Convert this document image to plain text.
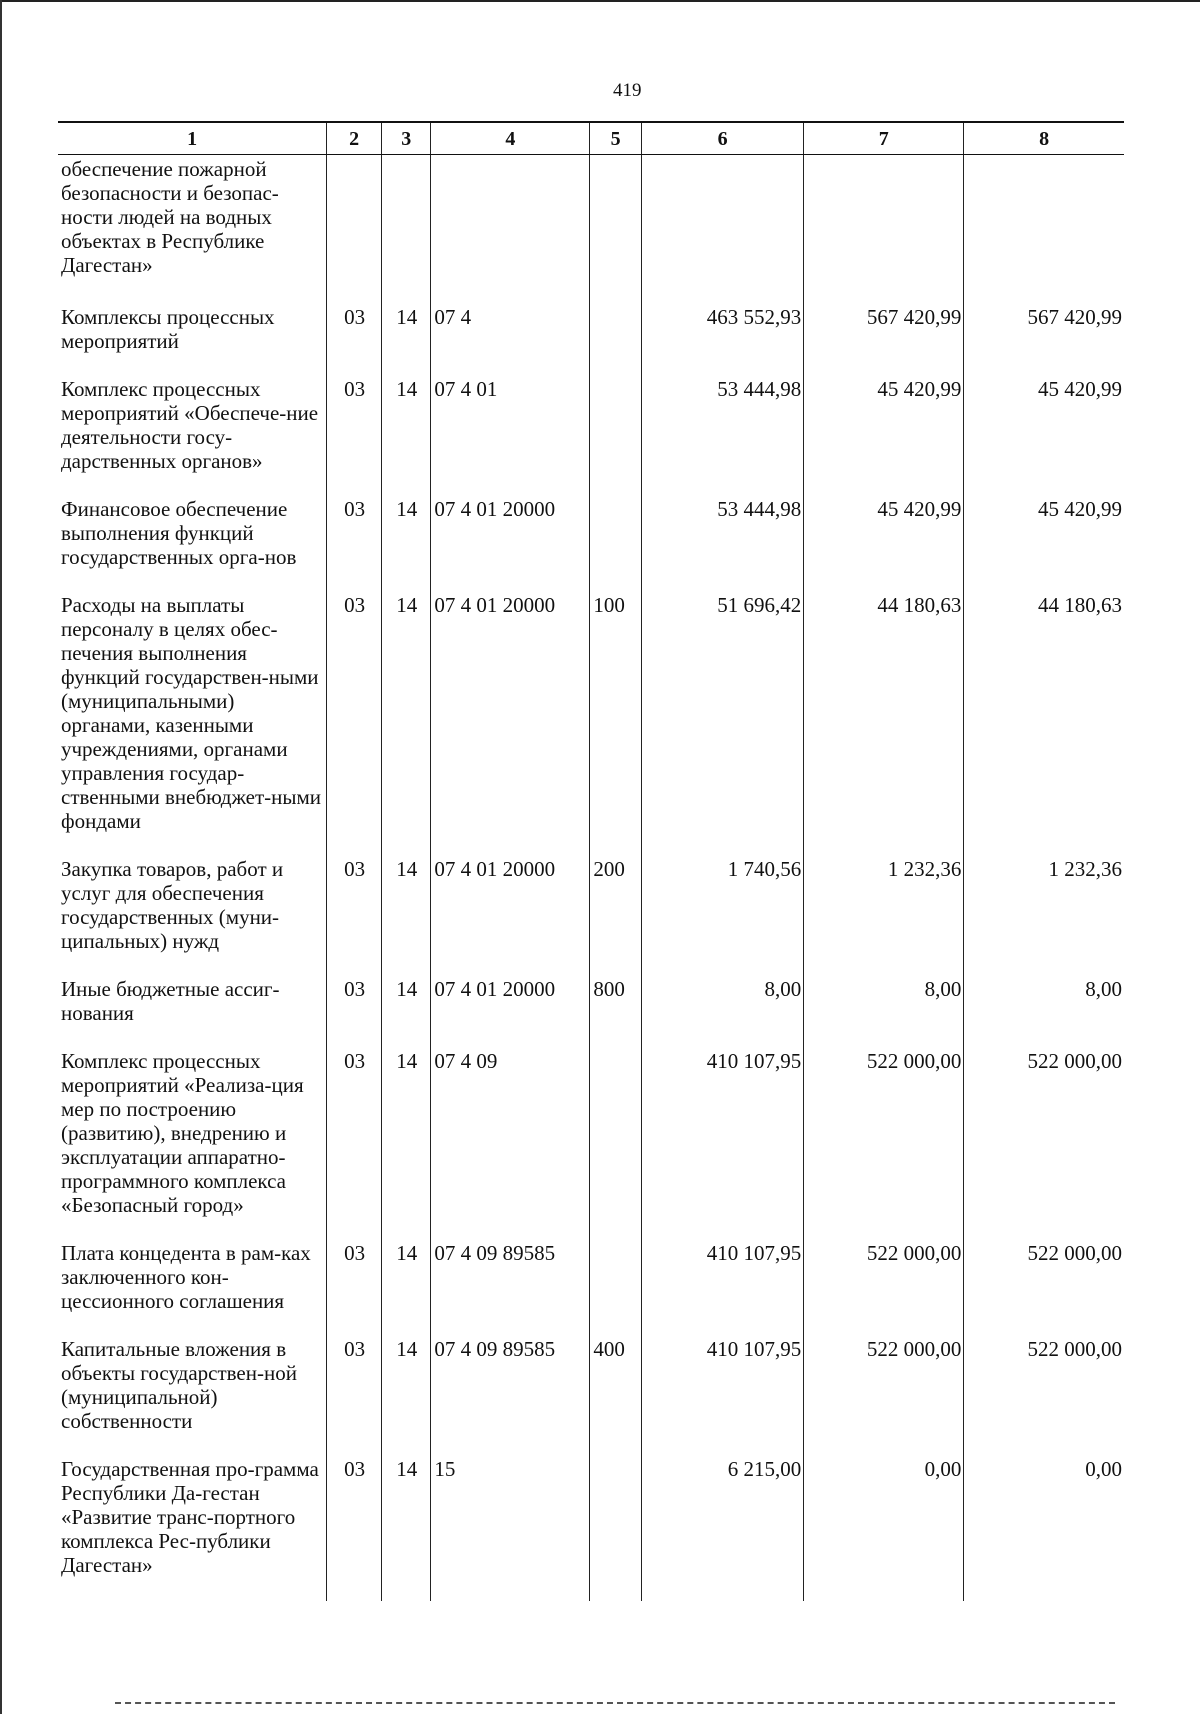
419
1	2	3	4	5	6	7	8

обеспечение пожарной безопасности и безопас-ности людей на водных объектах в Республике Дагестан»							

Комплексы процессных мероприятий	03	14	07 4		463 552,93	567 420,99	567 420,99

Комплекс процессных мероприятий «Обеспече-ние деятельности госу-дарственных органов»	03	14	07 4 01		53 444,98	45 420,99	45 420,99

Финансовое обеспечение выполнения функций государственных орга-нов	03	14	07 4 01 20000		53 444,98	45 420,99	45 420,99

Расходы на выплаты персоналу в целях обес-печения выполнения функций государствен-ными (муниципальными) органами, казенными учреждениями, органами управления государ-ственными внебюджет-ными фондами	03	14	07 4 01 20000	100	51 696,42	44 180,63	44 180,63

Закупка товаров, работ и услуг для обеспечения государственных (муни-ципальных) нужд	03	14	07 4 01 20000	200	1 740,56	1 232,36	1 232,36

Иные бюджетные ассиг-нования	03	14	07 4 01 20000	800	8,00	8,00	8,00

Комплекс процессных мероприятий «Реализа-ция мер по построению (развитию), внедрению и эксплуатации аппаратно-программного комплекса «Безопасный город»	03	14	07 4 09		410 107,95	522 000,00	522 000,00

Плата концедента в рам-ках заключенного кон-цессионного соглашения	03	14	07 4 09 89585		410 107,95	522 000,00	522 000,00

Капитальные вложения в объекты государствен-ной (муниципальной) собственности	03	14	07 4 09 89585	400	410 107,95	522 000,00	522 000,00

Государственная про-грамма Республики Да-гестан «Развитие транс-портного комплекса Рес-публики Дагестан»	03	14	15		6 215,00	0,00	0,00
